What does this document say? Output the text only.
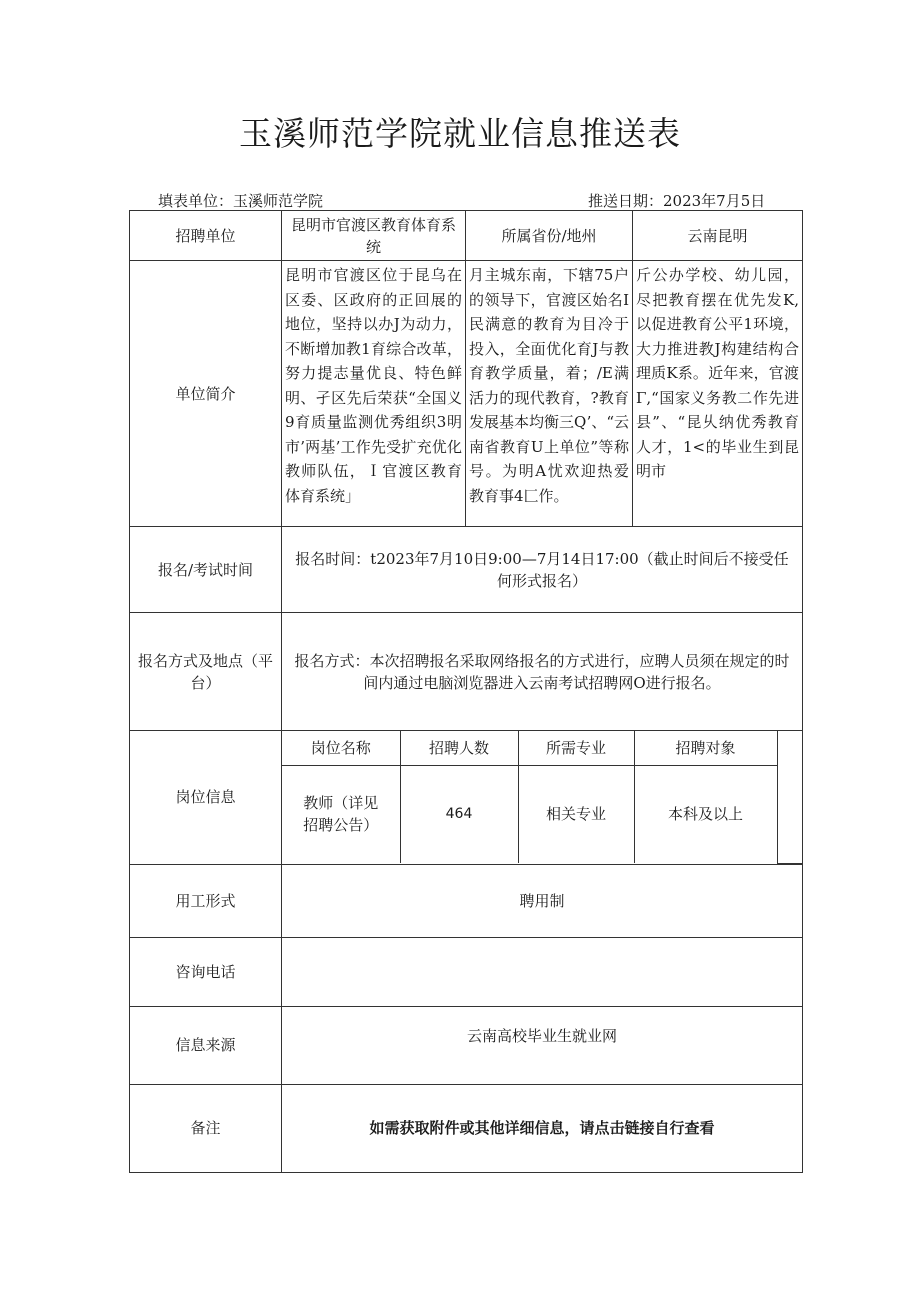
玉溪师范学院就业信息推送表
填表单位：玉溪师范学院	推送日期：2023年7月5日
招聘单位	昆明市官渡区教育体育系统	所属省份/地州	云南昆明
单位简介	昆明市官渡区位于昆乌在区委、区政府的正回展的地位，坚持以办J为动力，不断增加教1育综合改革，努力提志量优良、特色鲜明、孑区先后荣获“全国义9育质量监测优秀组织3明市’两基’工作先受扩充优化教师队伍，Ｉ官渡区教育体育系统」	月主城东南，下辖75户的领导下，官渡区始名I民满意的教育为目冷于投入，全面优化育J与教育教学质量，着；/E满活力的现代教育，?教育发展基本均衡三Q’、“云南省教育U上单位”等称号。为明A忧欢迎热爱教育事4匚作。	斤公办学校、幼儿园，尽把教育摆在优先发K,以促进教育公平1环境，大力推进教J构建结构合理质K系。近年来，官渡Γ,“国家义务教二作先进县”、“昆乆纳优秀教育人才，1<的毕业生到昆明市
报名/考试时间	报名时间：t2023年7月10日9:00—7月14日17:00（截止时间后不接受任何形式报名）
报名方式及地点（平台）	报名方式：本次招聘报名采取网络报名的方式进行，应聘人员须在规定的时间内通过电脑浏览器进入云南考试招聘网O进行报名。
岗位信息	
岗位名称	招聘人数	所需专业	招聘对象	
教师（详见招聘公告）	464	相关专业	本科及以上

用工形式	聘用制
咨询电话	
信息来源	云南高校毕业生就业网
备注	如需获取附件或其他详细信息，请点击链接自行查看
